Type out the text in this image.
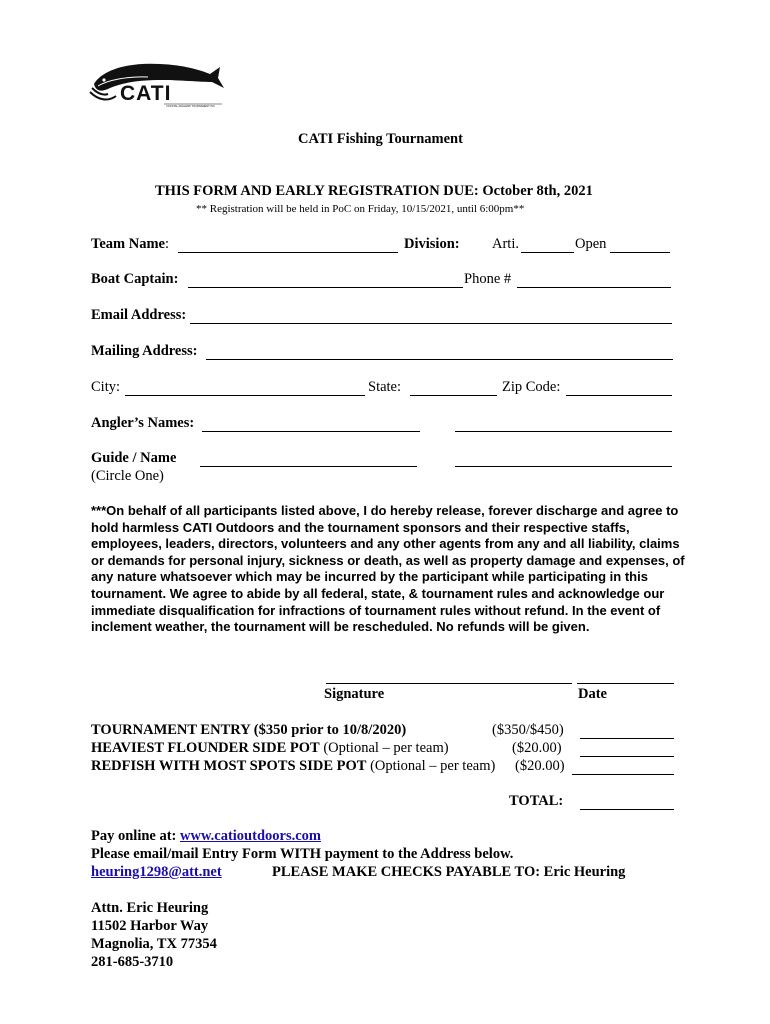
CATI
COASTAL ANGLERS TOURNAMENT INC
CATI Fishing Tournament
THIS FORM AND EARLY REGISTRATION DUE: October 8th, 2021
** Registration will be held in PoC on Friday, 10/15/2021, until 6:00pm**
Team Name:	Division: Arti.	Open
Boat Captain:	Phone #
Email Address:
Mailing Address:
City:	State:	Zip Code:
Angler’s Names:
Guide / Name
(Circle One)
***On behalf of all participants listed above, I do hereby release, forever discharge and agree to hold harmless CATI Outdoors and the tournament sponsors and their respective staffs, employees, leaders, directors, volunteers and any other agents from any and all liability, claims or demands for personal injury, sickness or death, as well as property damage and expenses, of any nature whatsoever which may be incurred by the participant while participating in this tournament. We agree to abide by all federal, state, & tournament rules and acknowledge our immediate disqualification for infractions of tournament rules without refund. In the event of inclement weather, the tournament will be rescheduled. No refunds will be given.
Signature	Date
TOURNAMENT ENTRY ($350 prior to 10/8/2020)	($350/$450)
HEAVIEST FLOUNDER SIDE POT (Optional – per team)	($20.00)
REDFISH WITH MOST SPOTS SIDE POT (Optional – per team) ($20.00)
TOTAL:
Pay online at: www.catioutdoors.com
Please email/mail Entry Form WITH payment to the Address below.
heuring1298@att.net	PLEASE MAKE CHECKS PAYABLE TO: Eric Heuring
Attn. Eric Heuring
11502 Harbor Way
Magnolia, TX 77354
281-685-3710
